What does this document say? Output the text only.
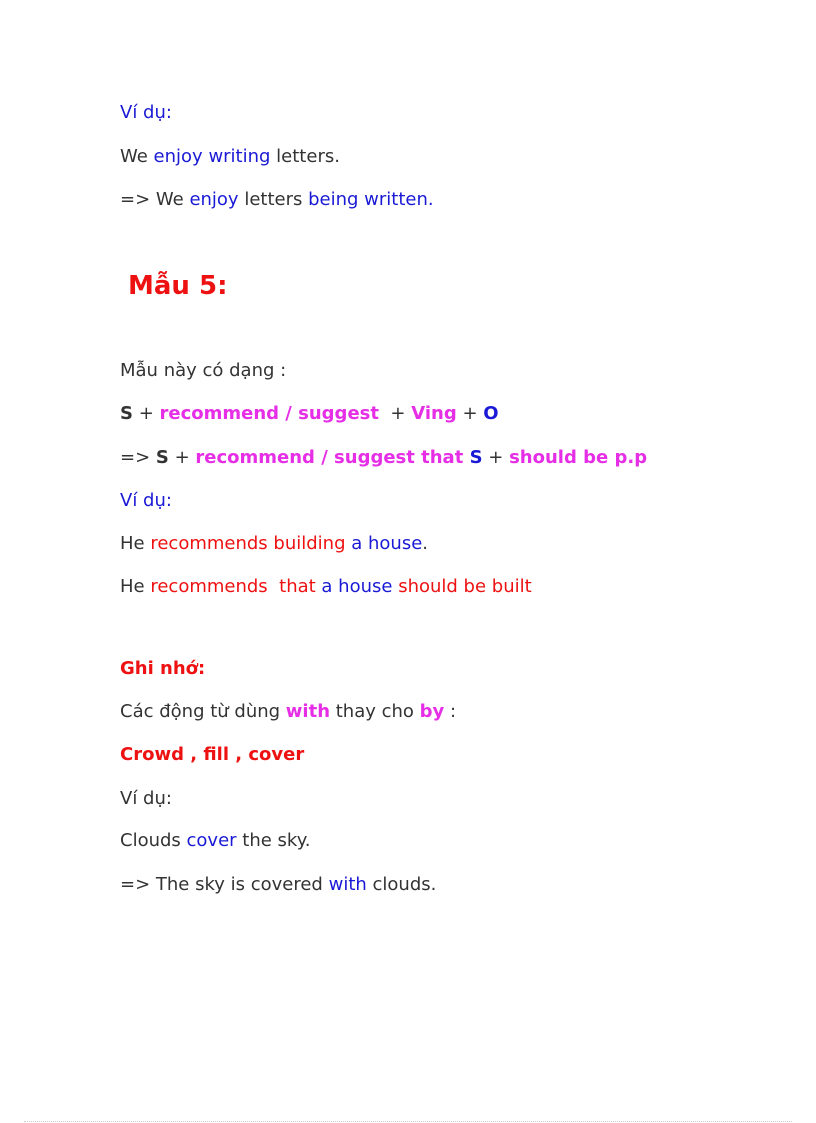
Mẫu 5:
Ví dụ:
We enjoy writing letters.
=> We enjoy letters being written.
Mẫu này có dạng :
S + recommend / suggest  + Ving + O
=> S + recommend / suggest that S + should be p.p
Ví dụ:
He recommends building a house.
He recommends  that a house should be built
Ghi nhớ:
Các động từ dùng with thay cho by :
Crowd , fill , cover
Ví dụ:
Clouds cover the sky.
=> The sky is covered with clouds.
